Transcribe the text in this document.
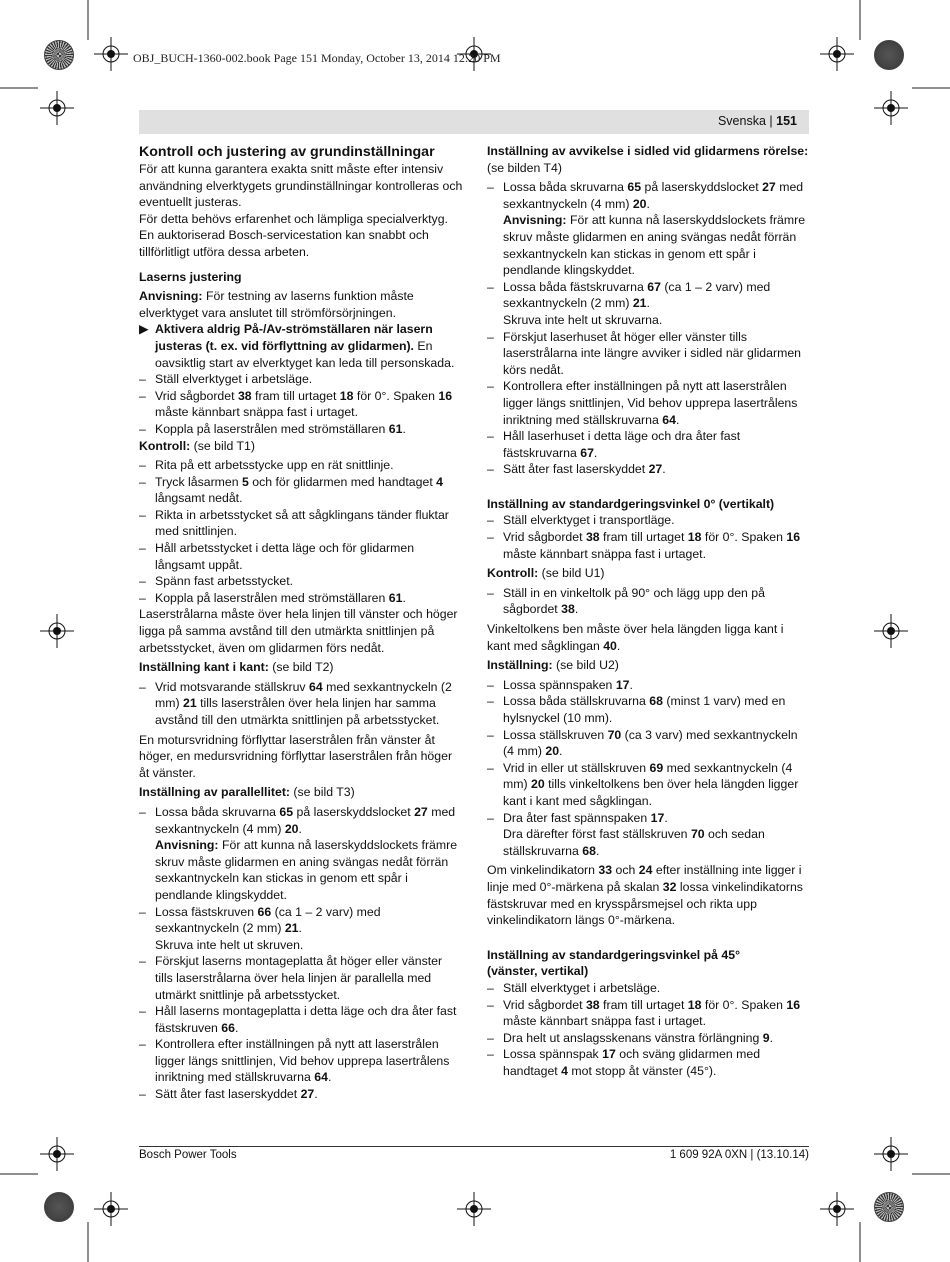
OBJ_BUCH-1360-002.book Page 151 Monday, October 13, 2014 12:20 PM
Svenska | 151

Kontroll och justering av grundinställningar

För att kunna garantera exakta snitt måste efter intensiv användning elverktygets grundinställningar kontrolleras och eventuellt justeras.

För detta behövs erfarenhet och lämpliga specialverktyg.

En auktoriserad Bosch-servicestation kan snabbt och tillförlitligt utföra dessa arbeten.

Laserns justering

Anvisning: För testning av laserns funktion måste elverktyget vara anslutet till strömförsörjningen.

▶ Aktivera aldrig På-/Av-strömställaren när lasern justeras (t. ex. vid förflyttning av glidarmen). En oavsiktlig start av elverktyget kan leda till personskada.

– Ställ elverktyget i arbetsläge.

– Vrid sågbordet 38 fram till urtaget 18 för 0°. Spaken 16 måste kännbart snäppa fast i urtaget.

– Koppla på laserstrålen med strömställaren 61.

Kontroll: (se bild T1)

– Rita på ett arbetsstycke upp en rät snittlinje.

– Tryck låsarmen 5 och för glidarmen med handtaget 4 långsamt nedåt.

– Rikta in arbetsstycket så att sågklingans tänder fluktar med snittlinjen.

– Håll arbetsstycket i detta läge och för glidarmen långsamt uppåt.

– Spänn fast arbetsstycket.

– Koppla på laserstrålen med strömställaren 61.

Laserstrålarna måste över hela linjen till vänster och höger ligga på samma avstånd till den utmärkta snittlinjen på arbetsstycket, även om glidarmen förs nedåt.

Inställning kant i kant: (se bild T2)

– Vrid motsvarande ställskruv 64 med sexkantnyckeln (2 mm) 21 tills laserstrålen över hela linjen har samma avstånd till den utmärkta snittlinjen på arbetsstycket.

En motursvridning förflyttar laserstrålen från vänster åt höger, en medursvridning förflyttar laserstrålen från höger åt vänster.

Inställning av parallellitet: (se bild T3)

– Lossa båda skruvarna 65 på laserskyddslocket 27 med sexkantnyckeln (4 mm) 20.
Anvisning: För att kunna nå laserskyddslockets främre skruv måste glidarmen en aning svängas nedåt förrän sexkantnyckeln kan stickas in genom ett spår i pendlande klingskyddet.

– Lossa fästskruven 66 (ca 1 – 2 varv) med sexkantnyckeln (2 mm) 21.
Skruva inte helt ut skruven.

– Förskjut laserns montageplatta åt höger eller vänster tills laserstrålarna över hela linjen är parallella med utmärkt snittlinje på arbetsstycket.

– Håll laserns montageplatta i detta läge och dra åter fast fästskruven 66.

– Kontrollera efter inställningen på nytt att laserstrålen ligger längs snittlinjen, Vid behov upprepa lasertrålens inriktning med ställskruvarna 64.

– Sätt åter fast laserskyddet 27.

Inställning av avvikelse i sidled vid glidarmens rörelse:

(se bilden T4)

– Lossa båda skruvarna 65 på laserskyddslocket 27 med sexkantnyckeln (4 mm) 20.
Anvisning: För att kunna nå laserskyddslockets främre skruv måste glidarmen en aning svängas nedåt förrän sexkantnyckeln kan stickas in genom ett spår i pendlande klingskyddet.

– Lossa båda fästskruvarna 67 (ca 1 – 2 varv) med sexkantnyckeln (2 mm) 21.
Skruva inte helt ut skruvarna.

– Förskjut laserhuset åt höger eller vänster tills laserstrålarna inte längre avviker i sidled när glidarmen körs nedåt.

– Kontrollera efter inställningen på nytt att laserstrålen ligger längs snittlinjen, Vid behov upprepa lasertrålens inriktning med ställskruvarna 64.

– Håll laserhuset i detta läge och dra åter fast fästskruvarna 67.

– Sätt åter fast laserskyddet 27.

Inställning av standardgeringsvinkel 0° (vertikalt)

– Ställ elverktyget i transportläge.

– Vrid sågbordet 38 fram till urtaget 18 för 0°. Spaken 16 måste kännbart snäppa fast i urtaget.

Kontroll: (se bild U1)

– Ställ in en vinkeltolk på 90° och lägg upp den på sågbordet 38.

Vinkeltolkens ben måste över hela längden ligga kant i kant med sågklingan 40.

Inställning: (se bild U2)

– Lossa spännspaken 17.

– Lossa båda ställskruvarna 68 (minst 1 varv) med en hylsnyckel (10 mm).

– Lossa ställskruven 70 (ca 3 varv) med sexkantnyckeln (4 mm) 20.

– Vrid in eller ut ställskruven 69 med sexkantnyckeln (4 mm) 20 tills vinkeltolkens ben över hela längden ligger kant i kant med sågklingan.

– Dra åter fast spännspaken 17.
Dra därefter först fast ställskruven 70 och sedan ställskruvarna 68.

Om vinkelindikatorn 33 och 24 efter inställning inte ligger i linje med 0°-märkena på skalan 32 lossa vinkelindikatorns fästskruvar med en krysspårsmejsel och rikta upp vinkelindikatorn längs 0°-märkena.

Inställning av standardgeringsvinkel på 45°

(vänster, vertikal)

– Ställ elverktyget i arbetsläge.

– Vrid sågbordet 38 fram till urtaget 18 för 0°. Spaken 16 måste kännbart snäppa fast i urtaget.

– Dra helt ut anslagsskenans vänstra förlängning 9.

– Lossa spännspak 17 och sväng glidarmen med handtaget 4 mot stopp åt vänster (45°).

Bosch Power Tools	1 609 92A 0XN | (13.10.14)
